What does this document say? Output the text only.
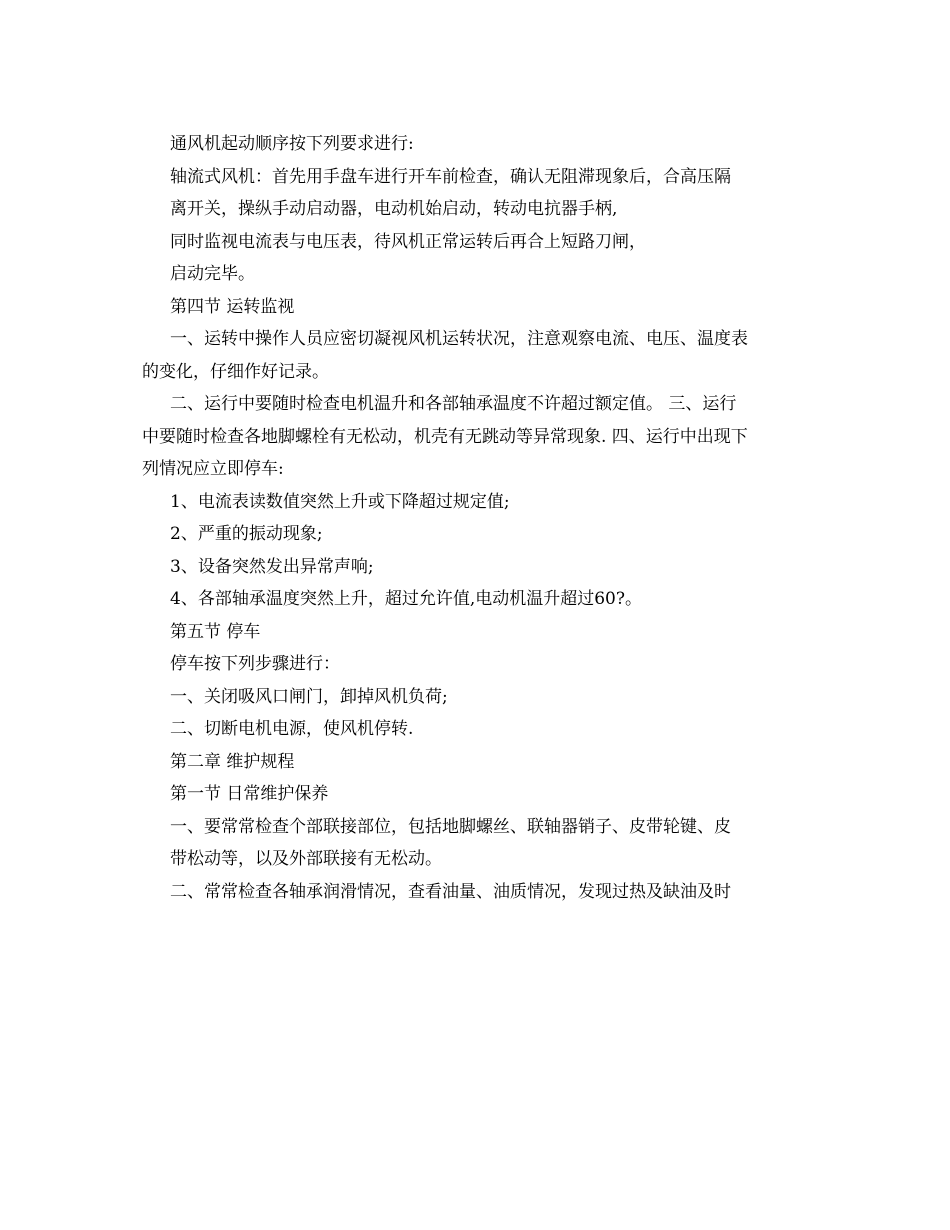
通风机起动顺序按下列要求进行:
轴流式风机：首先用手盘车进行开车前检查，确认无阻滞现象后，合高压隔
离开关，操纵手动启动器，电动机始启动，转动电抗器手柄,
同时监视电流表与电压表，待风机正常运转后再合上短路刀闸，
启动完毕。
第四节 运转监视
一、运转中操作人员应密切凝视风机运转状况，注意观察电流、电压、温度表
的变化，仔细作好记录。
二、运行中要随时检查电机温升和各部轴承温度不许超过额定值。 三、运行
中要随时检查各地脚螺栓有无松动，机壳有无跳动等异常现象. 四、运行中出现下
列情况应立即停车:
1、电流表读数值突然上升或下降超过规定值;
2、严重的振动现象;
3、设备突然发出异常声响;
4、各部轴承温度突然上升，超过允许值,电动机温升超过60?。
第五节 停车
停车按下列步骤进行：
一、关闭吸风口闸门，卸掉风机负荷;
二、切断电机电源，使风机停转.
第二章 维护规程
第一节 日常维护保养
一、要常常检查个部联接部位，包括地脚螺丝、联轴器销子、皮带轮键、皮
带松动等，以及外部联接有无松动。
二、常常检查各轴承润滑情况，查看油量、油质情况，发现过热及缺油及时
